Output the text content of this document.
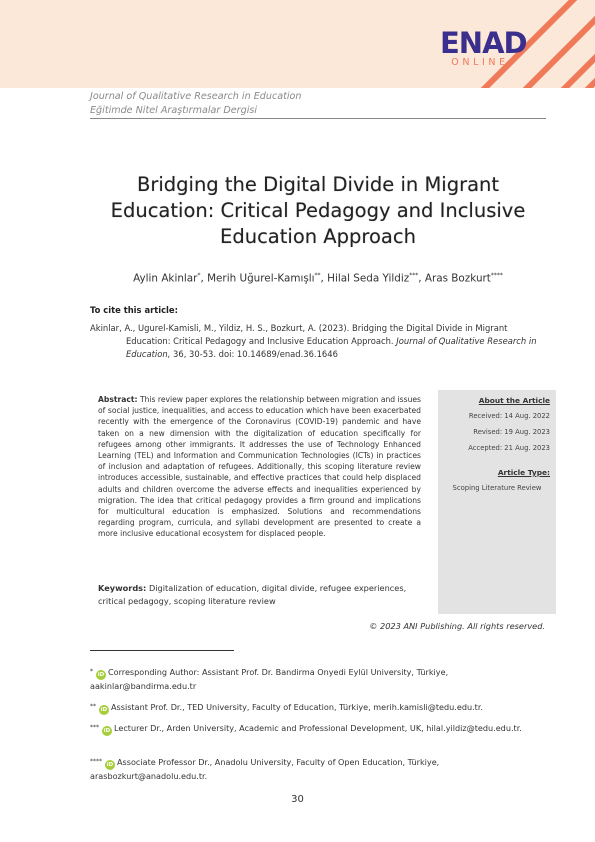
ENAD
ONLINE
Journal of Qualitative Research in Education
Eğitimde Nitel Araştırmalar Dergisi
Bridging the Digital Divide in Migrant
Education: Critical Pedagogy and Inclusive
Education Approach
Aylin Akinlar*, Merih Uğurel-Kamışlı**, Hilal Seda Yildiz***, Aras Bozkurt****
To cite this article:
Akinlar, A., Ugurel-Kamisli, M., Yildiz, H. S., Bozkurt, A. (2023). Bridging the Digital Divide in Migrant Education: Critical Pedagogy and Inclusive Education Approach. Journal of Qualitative Research in Education, 36, 30-53. doi: 10.14689/enad.36.1646
Abstract: This review paper explores the relationship between migration and issues of social justice, inequalities, and access to education which have been exacerbated recently with the emergence of the Coronavirus (COVID-19) pandemic and have taken on a new dimension with the digitalization of education specifically for refugees among other immigrants. It addresses the use of Technology Enhanced Learning (TEL) and Information and Communication Technologies (ICTs) in practices of inclusion and adaptation of refugees. Additionally, this scoping literature review introduces accessible, sustainable, and effective practices that could help displaced adults and children overcome the adverse effects and inequalities experienced by migration. The idea that critical pedagogy provides a firm ground and implications for multicultural education is emphasized. Solutions and recommendations regarding program, curricula, and syllabi development are presented to create a more inclusive educational ecosystem for displaced people.
Keywords: Digitalization of education, digital divide, refugee experiences, critical pedagogy, scoping literature review
About the Article
Received: 14 Aug. 2022
Revised: 19 Aug. 2023
Accepted: 21 Aug. 2023
Article Type:
Scoping Literature Review
© 2023 ANI Publishing. All rights reserved.
* iD Corresponding Author: Assistant Prof. Dr. Bandirma Onyedi Eylül University, Türkiye, aakinlar@bandirma.edu.tr
** iD Assistant Prof. Dr., TED University, Faculty of Education, Türkiye, merih.kamisli@tedu.edu.tr.
*** iD Lecturer Dr., Arden University, Academic and Professional Development, UK, hilal.yildiz@tedu.edu.tr.
**** iD Associate Professor Dr., Anadolu University, Faculty of Open Education, Türkiye, arasbozkurt@anadolu.edu.tr.
30
